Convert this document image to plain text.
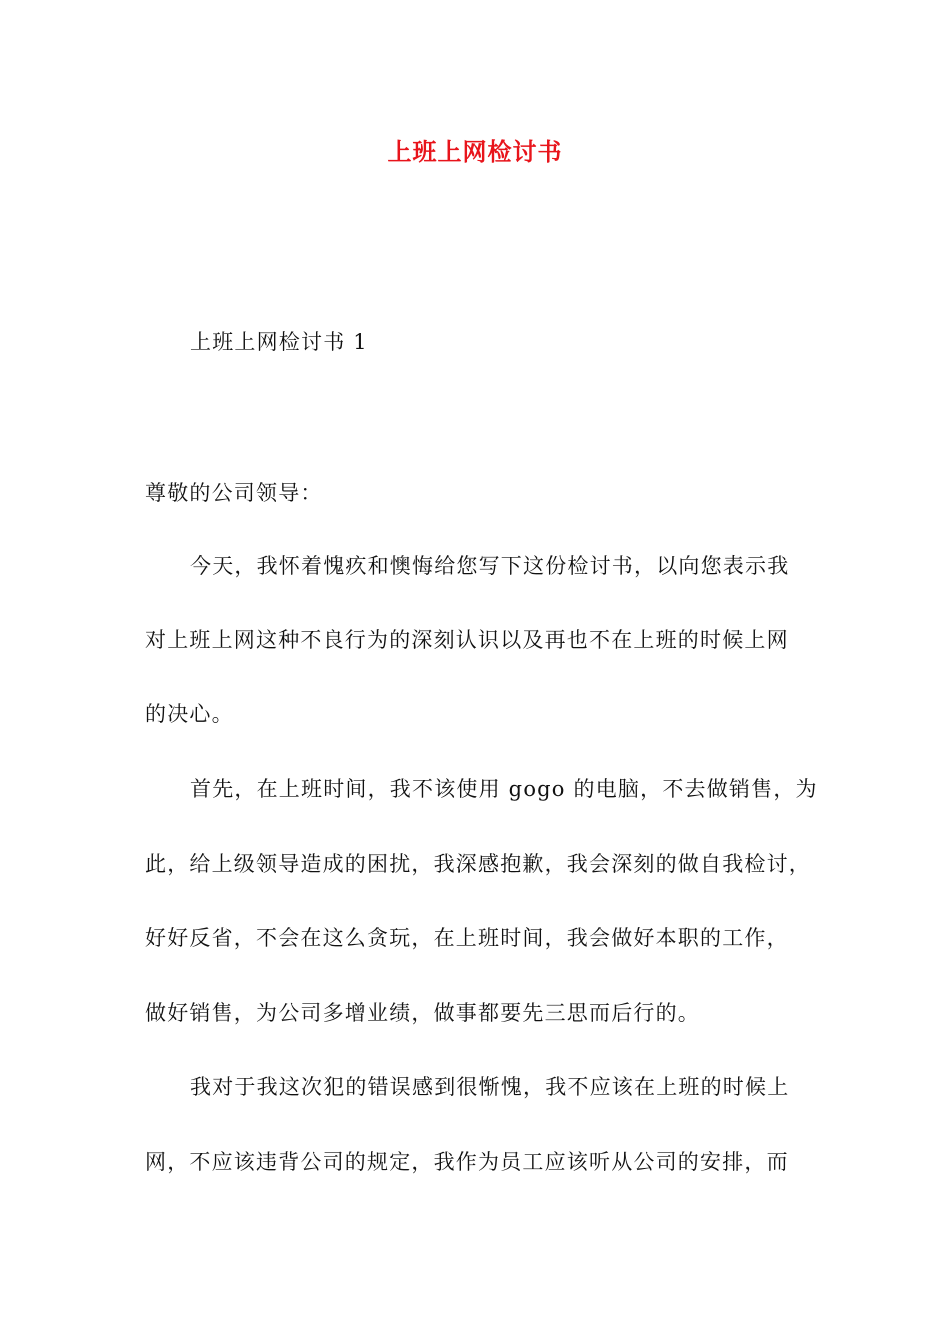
上班上网检讨书
上班上网检讨书 1
尊敬的公司领导：
今天，我怀着愧疚和懊悔给您写下这份检讨书，以向您表示我
对上班上网这种不良行为的深刻认识以及再也不在上班的时候上网
的决心。
首先，在上班时间，我不该使用 gogo 的电脑，不去做销售，为
此，给上级领导造成的困扰，我深感抱歉，我会深刻的做自我检讨，
好好反省，不会在这么贪玩，在上班时间，我会做好本职的工作，
做好销售，为公司多增业绩，做事都要先三思而后行的。
我对于我这次犯的错误感到很惭愧，我不应该在上班的时候上
网，不应该违背公司的规定，我作为员工应该听从公司的安排，而
